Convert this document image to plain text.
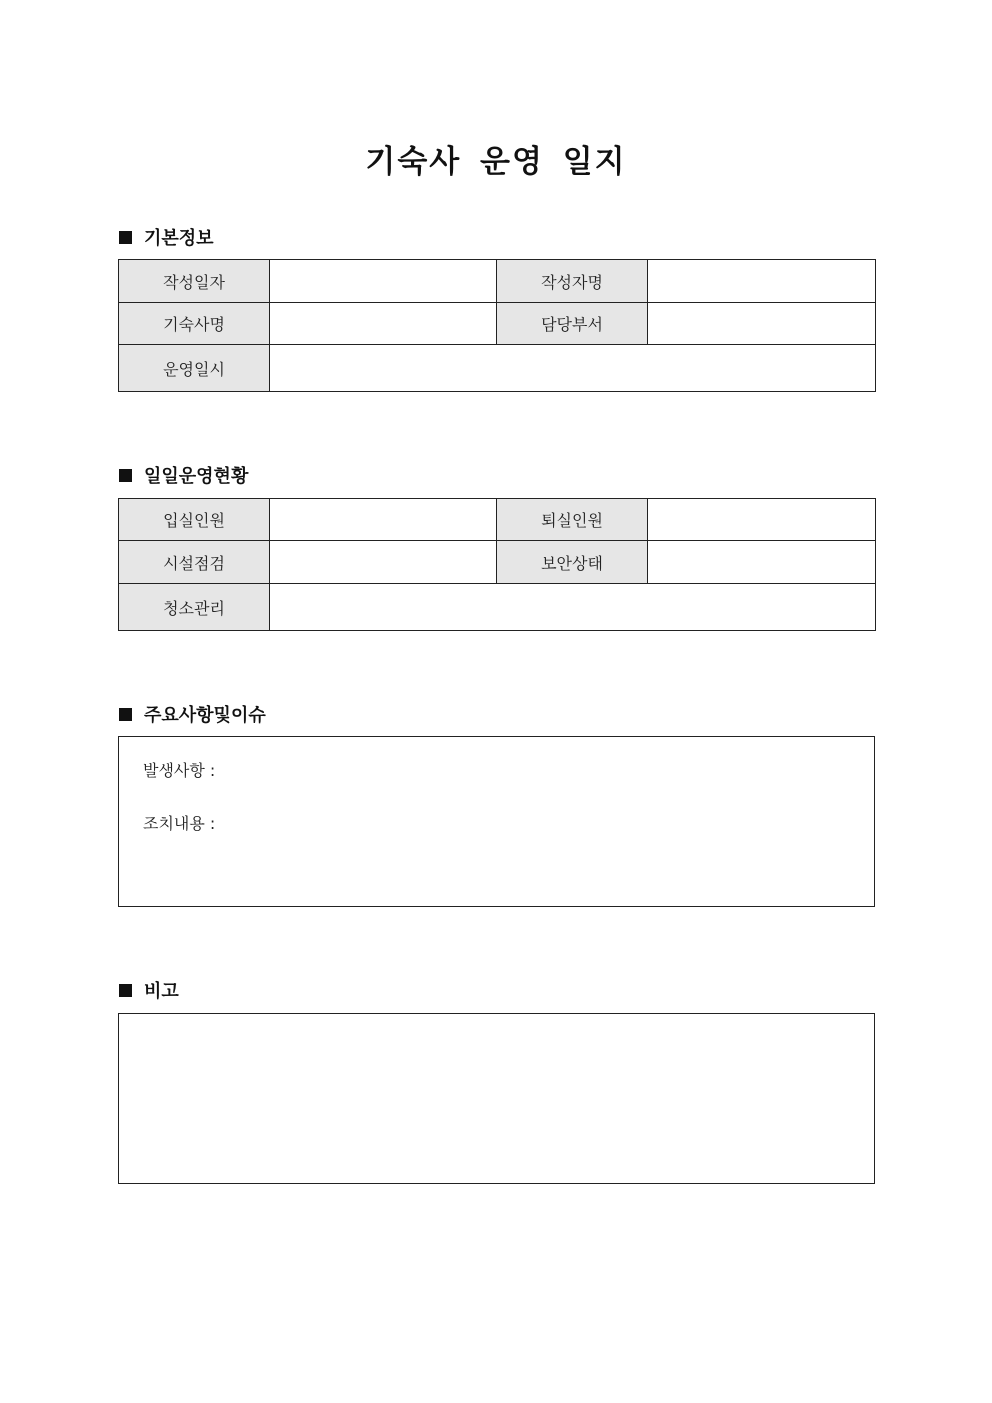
기숙사 운영 일지
기본정보
작성일자		작성자명	
기숙사명		담당부서	
운영일시			
일일운영현황
입실인원		퇴실인원	
시설점검		보안상태	
청소관리			
주요사항및이슈
발생사항 :
조치내용 :
비고
